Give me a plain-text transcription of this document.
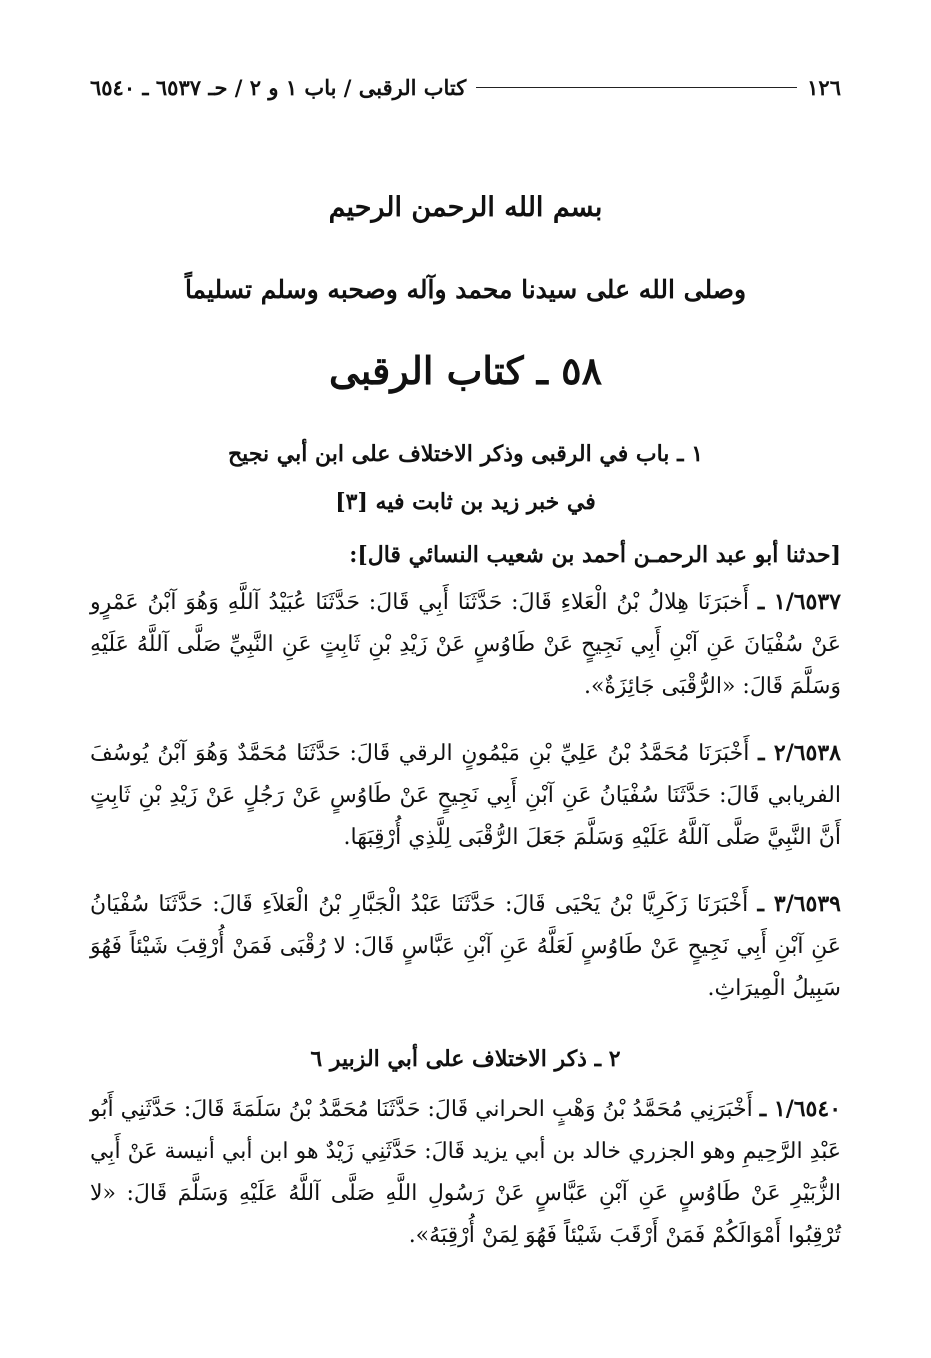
١٢٦
كتاب الرقبى / باب ١ و ٢ / حـ ٦٥٣٧ ـ ٦٥٤٠
بسم الله الرحمن الرحيم
وصلى الله على سيدنا محمد وآله وصحبه وسلم تسليماً
٥٨ ـ كتاب الرقبى
١ ـ باب في الرقبى وذكر الاختلاف على ابن أبي نجيح
في خبر زيد بن ثابت فيه [٣]
[حدثنا أبو عبد الرحمـن أحمد بن شعيب النسائي قال]:

١/٦٥٣٧ ـ أَخبَرَنَا هِلالُ بْنُ الْعَلاءِ قَالَ: حَدَّثَنَا أَبِي قَالَ: حَدَّثَنَا عُبَيْدُ آللَّهِ وَهُوَ آبْنُ عَمْرٍو عَنْ سُفْيَانَ عَنِ آبْنِ أَبِي نَجِيحٍ عَنْ طَاوُسٍ عَنْ زَيْدِ بْنِ ثَابِتٍ عَنِ النَّبِيِّ صَلَّى آللَّهُ عَلَيْهِ وَسَلَّمَ قَالَ: «الرُّقْبَى جَائِزَةٌ».

٢/٦٥٣٨ ـ أَخْبَرَنَا مُحَمَّدُ بْنُ عَلِيِّ بْنِ مَيْمُونٍ الرقي قَالَ: حَدَّثَنَا مُحَمَّدٌ وَهُوَ آبْنُ يُوسُفَ الفريابي قَالَ: حَدَّثَنَا سُفْيَانُ عَنِ آبْنِ أَبِي نَجِيحٍ عَنْ طَاوُسٍ عَنْ رَجُلٍ عَنْ زَيْدِ بْنِ ثَابِتٍ أَنَّ النَّبِيَّ صَلَّى آللَّهُ عَلَيْهِ وَسَلَّمَ جَعَلَ الرُّقْبَى لِلَّذِي أُرْقِبَهَا.

٣/٦٥٣٩ ـ أَخْبَرَنَا زَكَرِيَّا بْنُ يَحْيَى قَالَ: حَدَّثَنَا عَبْدُ الْجَبَّارِ بْنُ الْعَلاَءِ قَالَ: حَدَّثَنَا سُفْيَانُ عَنِ آبْنِ أَبِي نَجِيحٍ عَنْ طَاوُسٍ لَعَلَّهُ عَنِ آبْنِ عَبَّاسٍ قَالَ: لا رُقْبَى فَمَنْ أُرْقِبَ شَيْئاً فَهُوَ سَبِيلُ الْمِيرَاثِ.

٢ ـ ذكر الاختلاف على أبي الزبير ٦

١/٦٥٤٠ ـ أَخْبَرَنِي مُحَمَّدُ بْنُ وَهْبٍ الحراني قَالَ: حَدَّثَنَا مُحَمَّدُ بْنُ سَلَمَةَ قَالَ: حَدَّثَنِي أَبُو عَبْدِ الرَّحِيمِ وهو الجزري خالد بن أبي يزيد قَالَ: حَدَّثَنِي زَيْدٌ هو ابن أبي أنيسة عَنْ أَبِي الزُّبَيْرِ عَنْ طَاوُسٍ عَنِ آبْنِ عَبَّاسٍ عَنْ رَسُولِ اللَّهِ صَلَّى آللَّهُ عَلَيْهِ وَسَلَّمَ قَالَ: «لا تُرْقِبُوا أَمْوَالَكُمْ فَمَنْ أَرْقَبَ شَيْئاً فَهُوَ لِمَنْ أُرْقِبَهُ».
